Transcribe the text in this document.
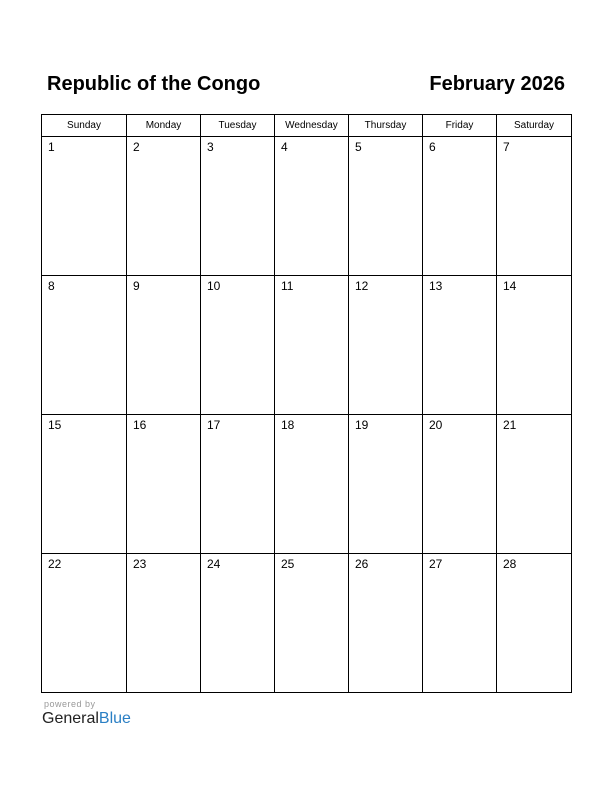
Republic of the Congo	February 2026
Sunday	Monday	Tuesday	Wednesday	Thursday	Friday	Saturday

1	2	3	4	5	6	7

8	9	10	11	12	13	14

15	16	17	18	19	20	21

22	23	24	25	26	27	28
powered by
GeneralBlue
